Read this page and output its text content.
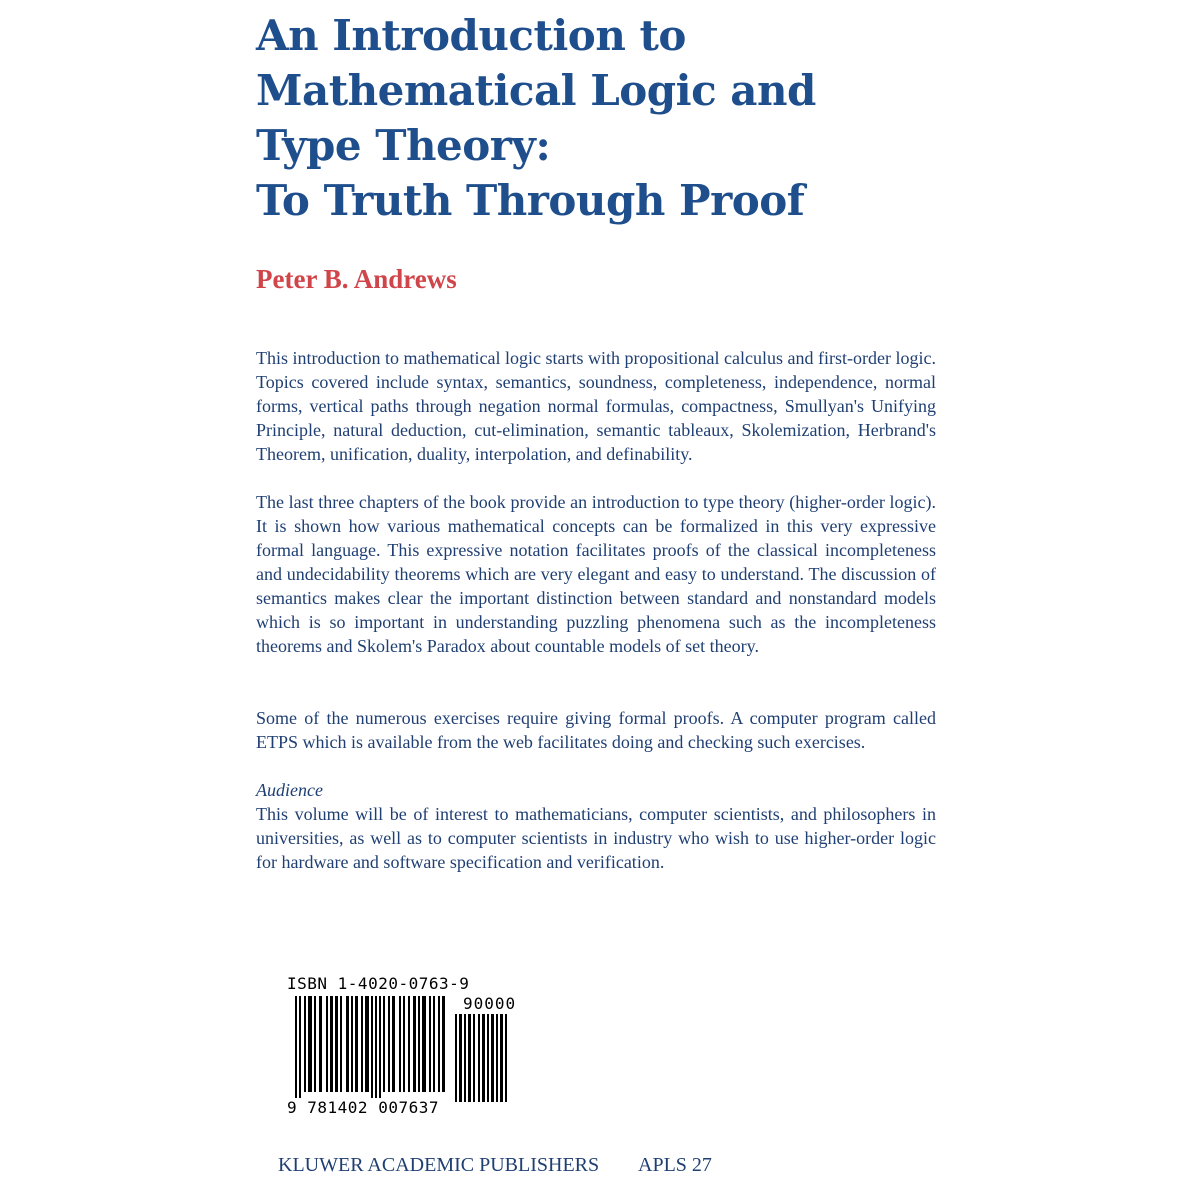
An Introduction to
Mathematical Logic and
Type Theory:
To Truth Through Proof

Peter B. Andrews

This introduction to mathematical logic starts with propositional calculus and first-order logic. Topics covered include syntax, semantics, soundness, completeness, independence, normal forms, vertical paths through negation normal formulas, compactness, Smullyan's Unifying Principle, natural deduction, cut-elimination, semantic tableaux, Skolemization, Herbrand's Theorem, unification, duality, interpolation, and definability.

The last three chapters of the book provide an introduction to type theory (higher-order logic). It is shown how various mathematical concepts can be formalized in this very expressive formal language. This expressive notation facilitates proofs of the classical incompleteness and undecidability theorems which are very elegant and easy to understand. The discussion of semantics makes clear the important distinction between standard and nonstandard models which is so important in understanding puzzling phenomena such as the incompleteness theorems and Skolem's Paradox about countable models of set theory.

Some of the numerous exercises require giving formal proofs. A computer program called ETPS which is available from the web facilitates doing and checking such exercises.

Audience

This volume will be of interest to mathematicians, computer scientists, and philosophers in universities, as well as to computer scientists in industry who wish to use higher-order logic for hardware and software specification and verification.

ISBN 1-4020-0763-9
90000
9 781402 007637
KLUWER ACADEMIC PUBLISHERS APLS 27
